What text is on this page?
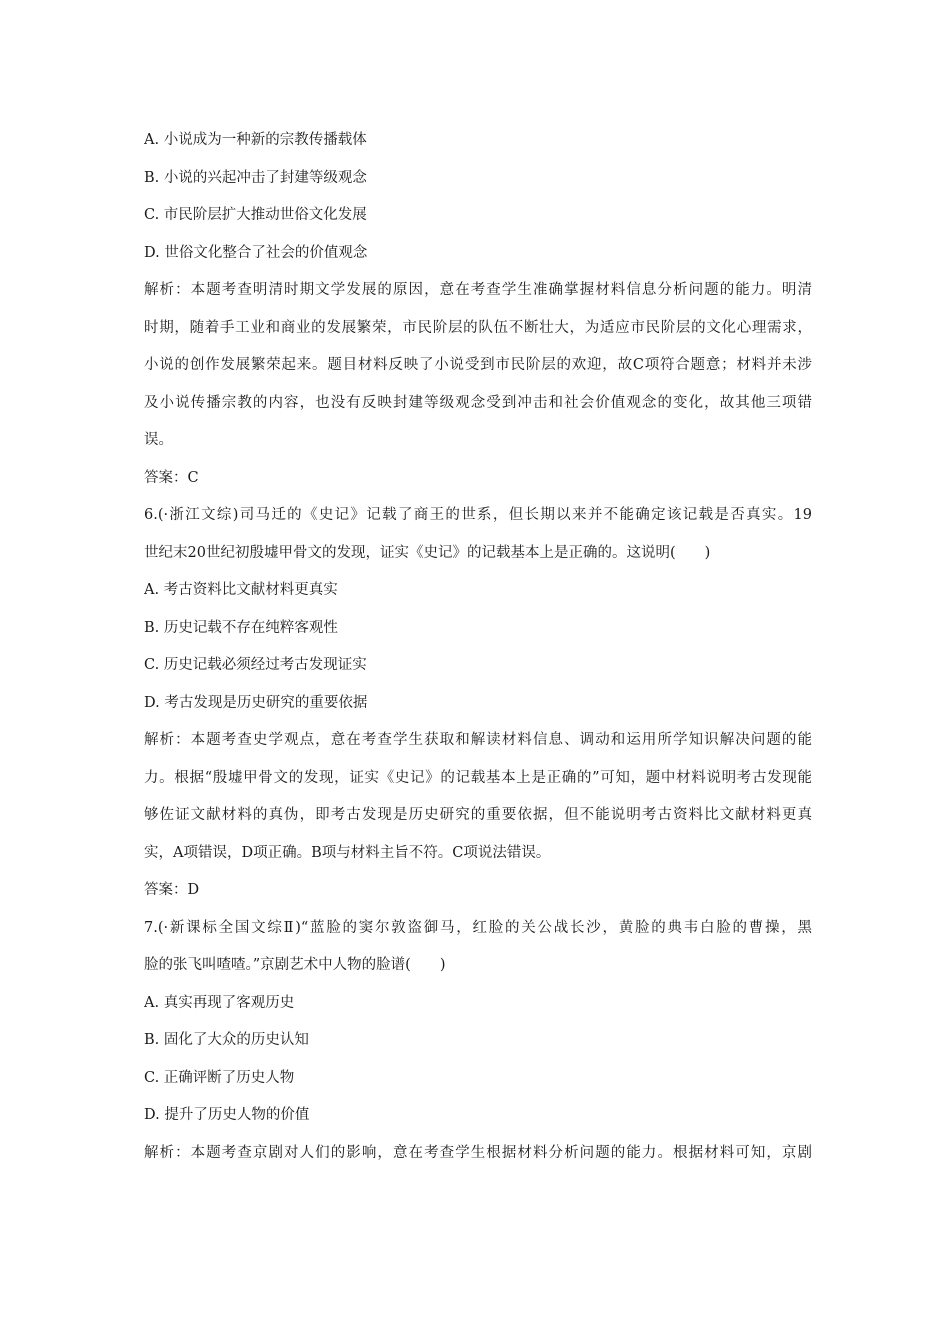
A. 小说成为一种新的宗教传播载体
B. 小说的兴起冲击了封建等级观念
C. 市民阶层扩大推动世俗文化发展
D. 世俗文化整合了社会的价值观念
解析：本题考查明清时期文学发展的原因，意在考查学生准确掌握材料信息分析问题的能力。明清
时期，随着手工业和商业的发展繁荣，市民阶层的队伍不断壮大，为适应市民阶层的文化心理需求，
小说的创作发展繁荣起来。题目材料反映了小说受到市民阶层的欢迎，故C项符合题意；材料并未涉
及小说传播宗教的内容，也没有反映封建等级观念受到冲击和社会价值观念的变化，故其他三项错
误。
答案：C
6.(·浙江文综)司马迁的《史记》记载了商王的世系，但长期以来并不能确定该记载是否真实。19
世纪末20世纪初殷墟甲骨文的发现，证实《史记》的记载基本上是正确的。这说明(　　)
A. 考古资料比文献材料更真实
B. 历史记载不存在纯粹客观性
C. 历史记载必须经过考古发现证实
D. 考古发现是历史研究的重要依据
解析：本题考查史学观点，意在考查学生获取和解读材料信息、调动和运用所学知识解决问题的能
力。根据“殷墟甲骨文的发现，证实《史记》的记载基本上是正确的”可知，题中材料说明考古发现能
够佐证文献材料的真伪，即考古发现是历史研究的重要依据，但不能说明考古资料比文献材料更真
实，A项错误，D项正确。B项与材料主旨不符。C项说法错误。
答案：D
7.(·新课标全国文综Ⅱ)“蓝脸的窦尔敦盗御马，红脸的关公战长沙，黄脸的典韦白脸的曹操，黑
脸的张飞叫喳喳。”京剧艺术中人物的脸谱(　　)
A. 真实再现了客观历史
B. 固化了大众的历史认知
C. 正确评断了历史人物
D. 提升了历史人物的价值
解析：本题考查京剧对人们的影响，意在考查学生根据材料分析问题的能力。根据材料可知，京剧
